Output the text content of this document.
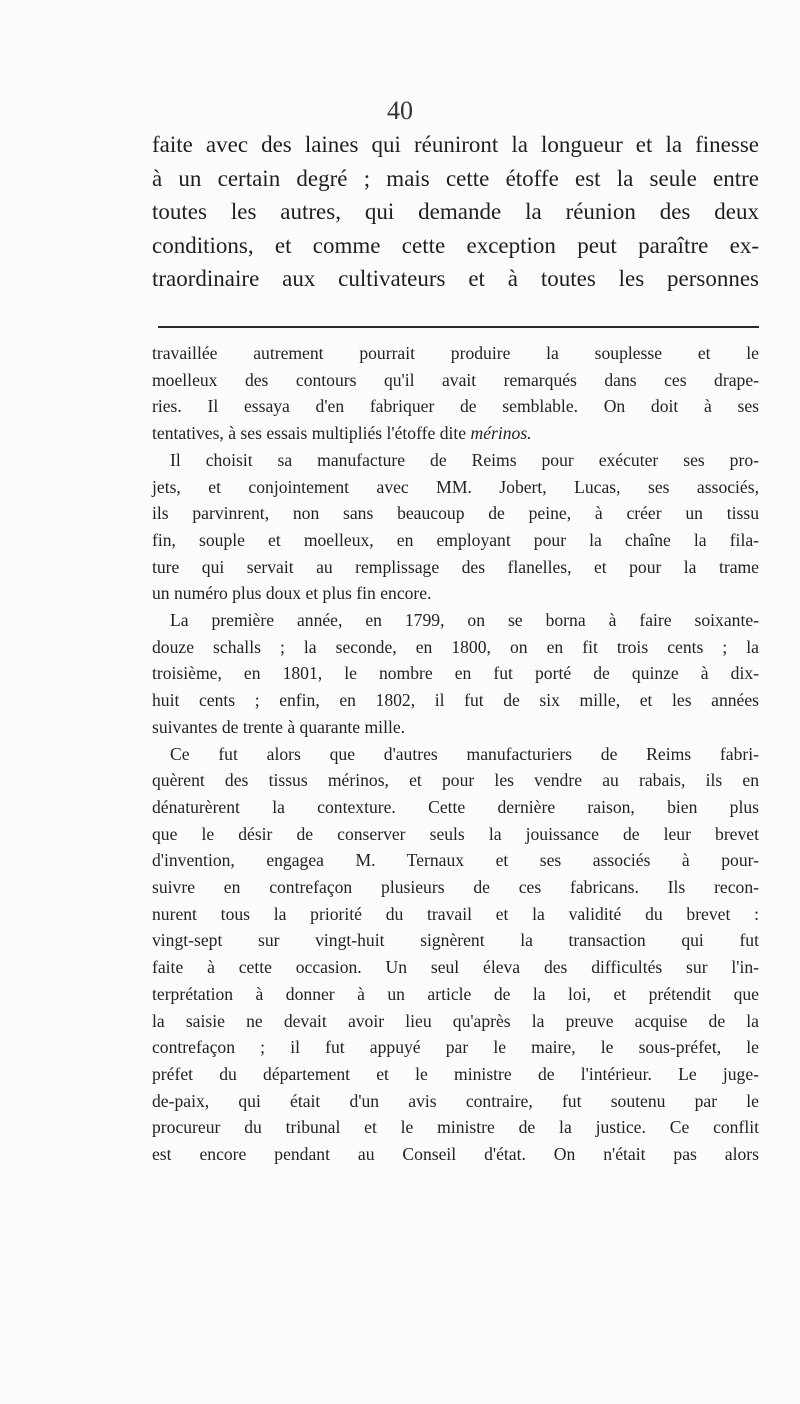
40
faite avec des laines qui réuniront la longueur et la finesse
à un certain degré ; mais cette étoffe est la seule entre
toutes les autres, qui demande la réunion des deux
conditions, et comme cette exception peut paraître ex-
traordinaire aux cultivateurs et à toutes les personnes
travaillée autrement pourrait produire la souplesse et le
moelleux des contours qu'il avait remarqués dans ces drape-
ries. Il essaya d'en fabriquer de semblable. On doit à ses
tentatives, à ses essais multipliés l'étoffe dite mérinos.
Il choisit sa manufacture de Reims pour exécuter ses pro-
jets, et conjointement avec MM. Jobert, Lucas, ses associés,
ils parvinrent, non sans beaucoup de peine, à créer un tissu
fin, souple et moelleux, en employant pour la chaîne la fila-
ture qui servait au remplissage des flanelles, et pour la trame
un numéro plus doux et plus fin encore.
La première année, en 1799, on se borna à faire soixante-
douze schalls ; la seconde, en 1800, on en fit trois cents ; la
troisième, en 1801, le nombre en fut porté de quinze à dix-
huit cents ; enfin, en 1802, il fut de six mille, et les années
suivantes de trente à quarante mille.
Ce fut alors que d'autres manufacturiers de Reims fabri-
quèrent des tissus mérinos, et pour les vendre au rabais, ils en
dénaturèrent la contexture. Cette dernière raison, bien plus
que le désir de conserver seuls la jouissance de leur brevet
d'invention, engagea M. Ternaux et ses associés à pour-
suivre en contrefaçon plusieurs de ces fabricans. Ils recon-
nurent tous la priorité du travail et la validité du brevet :
vingt-sept sur vingt-huit signèrent la transaction qui fut
faite à cette occasion. Un seul éleva des difficultés sur l'in-
terprétation à donner à un article de la loi, et prétendit que
la saisie ne devait avoir lieu qu'après la preuve acquise de la
contrefaçon ; il fut appuyé par le maire, le sous-préfet, le
préfet du département et le ministre de l'intérieur. Le juge-
de-paix, qui était d'un avis contraire, fut soutenu par le
procureur du tribunal et le ministre de la justice. Ce conflit
est encore pendant au Conseil d'état. On n'était pas alors
